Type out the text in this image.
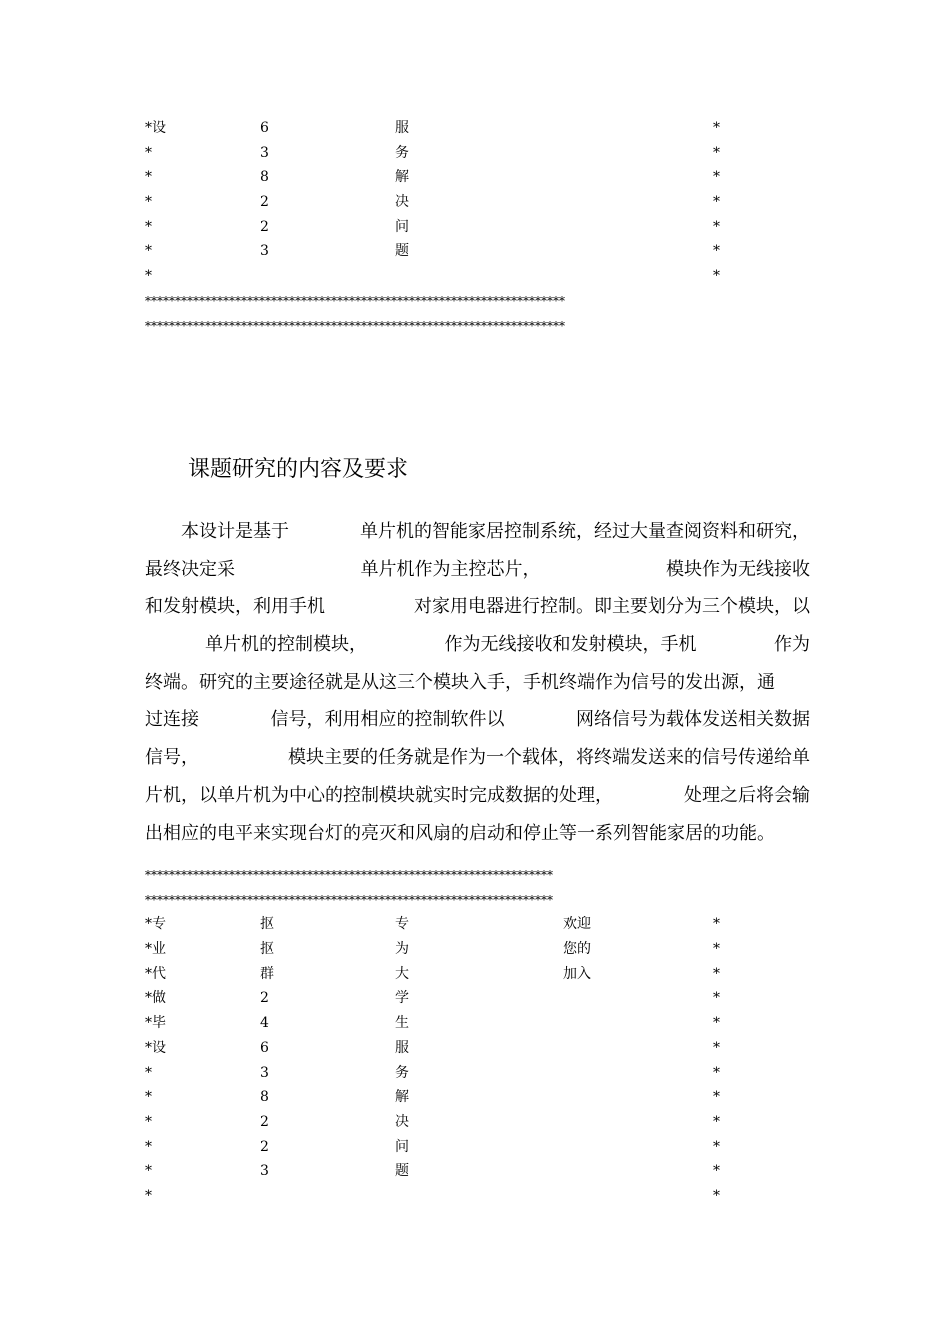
*设	6	服	*
*	3	务	*
*	8	解	*
*	2	决	*
*	2	问	*
*	3	题	*
*	*
**********************************************************************
**********************************************************************
课题研究的内容及要求
本设计是基于	单片机的智能家居控制系统，经过大量查阅资料和研究，
最终决定采	单片机作为主控芯片，	模块作为无线接收
和发射模块，利用手机	对家用电器进行控制。即主要划分为三个模块，以
单片机的控制模块，	作为无线接收和发射模块，手机	作为
终端。研究的主要途径就是从这三个模块入手，手机终端作为信号的发出源，通
过连接	信号，利用相应的控制软件以	网络信号为载体发送相关数据
信号，	模块主要的任务就是作为一个载体，将终端发送来的信号传递给单
片机，以单片机为中心的控制模块就实时完成数据的处理，	处理之后将会输
出相应的电平来实现台灯的亮灭和风扇的启动和停止等一系列智能家居的功能。
********************************************************************
********************************************************************
*专	抠	专	欢迎	*
*业	抠	为	您的	*
*代	群	大	加入	*
*做	2	学	*
*毕	4	生	*
*设	6	服	*
*	3	务	*
*	8	解	*
*	2	决	*
*	2	问	*
*	3	题	*
*	*
